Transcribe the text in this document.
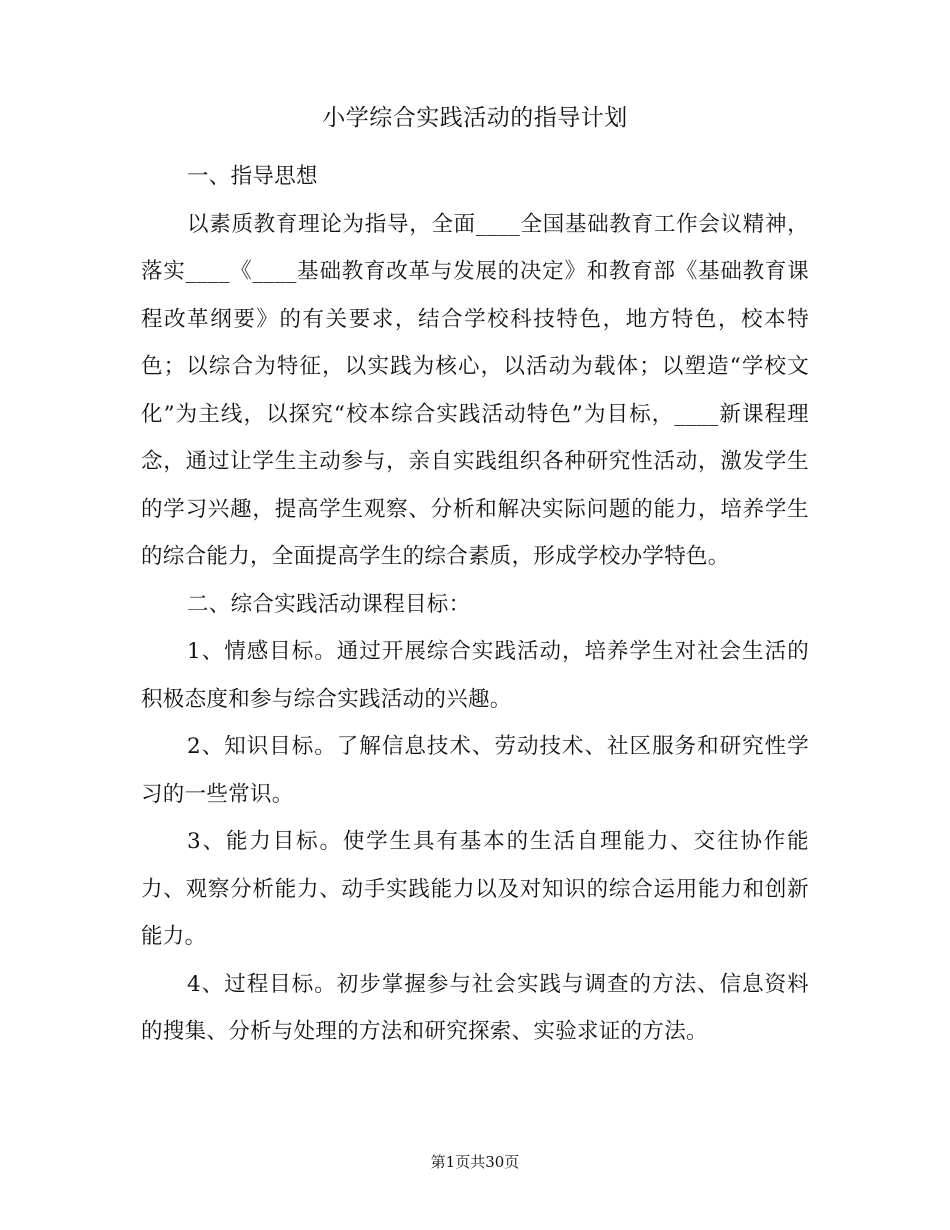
小学综合实践活动的指导计划

一、指导思想

以素质教育理论为指导，全面____全国基础教育工作会议精神，落实____《____基础教育改革与发展的决定》和教育部《基础教育课程改革纲要》的有关要求，结合学校科技特色，地方特色，校本特色；以综合为特征，以实践为核心，以活动为载体；以塑造“学校文化”为主线，以探究“校本综合实践活动特色”为目标，____新课程理念，通过让学生主动参与，亲自实践组织各种研究性活动，激发学生的学习兴趣，提高学生观察、分析和解决实际问题的能力，培养学生的综合能力，全面提高学生的综合素质，形成学校办学特色。

二、综合实践活动课程目标：

1、情感目标。通过开展综合实践活动，培养学生对社会生活的积极态度和参与综合实践活动的兴趣。

2、知识目标。了解信息技术、劳动技术、社区服务和研究性学习的一些常识。

3、能力目标。使学生具有基本的生活自理能力、交往协作能力、观察分析能力、动手实践能力以及对知识的综合运用能力和创新能力。

4、过程目标。初步掌握参与社会实践与调查的方法、信息资料的搜集、分析与处理的方法和研究探索、实验求证的方法。

第1页共30页
